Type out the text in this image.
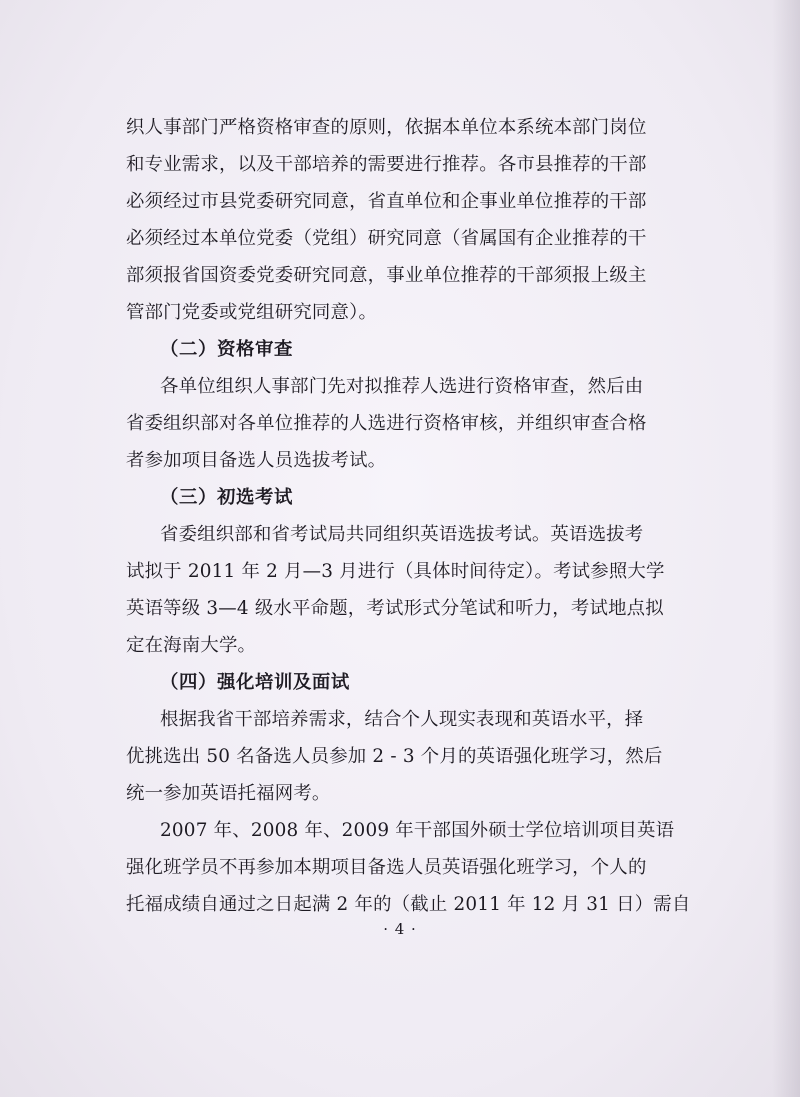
织人事部门严格资格审查的原则，依据本单位本系统本部门岗位
和专业需求，以及干部培养的需要进行推荐。各市县推荐的干部
必须经过市县党委研究同意，省直单位和企事业单位推荐的干部
必须经过本单位党委（党组）研究同意（省属国有企业推荐的干
部须报省国资委党委研究同意，事业单位推荐的干部须报上级主
管部门党委或党组研究同意）。
（二）资格审查
各单位组织人事部门先对拟推荐人选进行资格审查，然后由
省委组织部对各单位推荐的人选进行资格审核，并组织审查合格
者参加项目备选人员选拔考试。
（三）初选考试
省委组织部和省考试局共同组织英语选拔考试。英语选拔考
试拟于 2011 年 2 月—3 月进行（具体时间待定）。考试参照大学
英语等级 3—4 级水平命题，考试形式分笔试和听力，考试地点拟
定在海南大学。
（四）强化培训及面试
根据我省干部培养需求，结合个人现实表现和英语水平，择
优挑选出 50 名备选人员参加 2 - 3 个月的英语强化班学习，然后
统一参加英语托福网考。
2007 年、2008 年、2009 年干部国外硕士学位培训项目英语
强化班学员不再参加本期项目备选人员英语强化班学习，个人的
托福成绩自通过之日起满 2 年的（截止 2011 年 12 月 31 日）需自
· 4 ·
